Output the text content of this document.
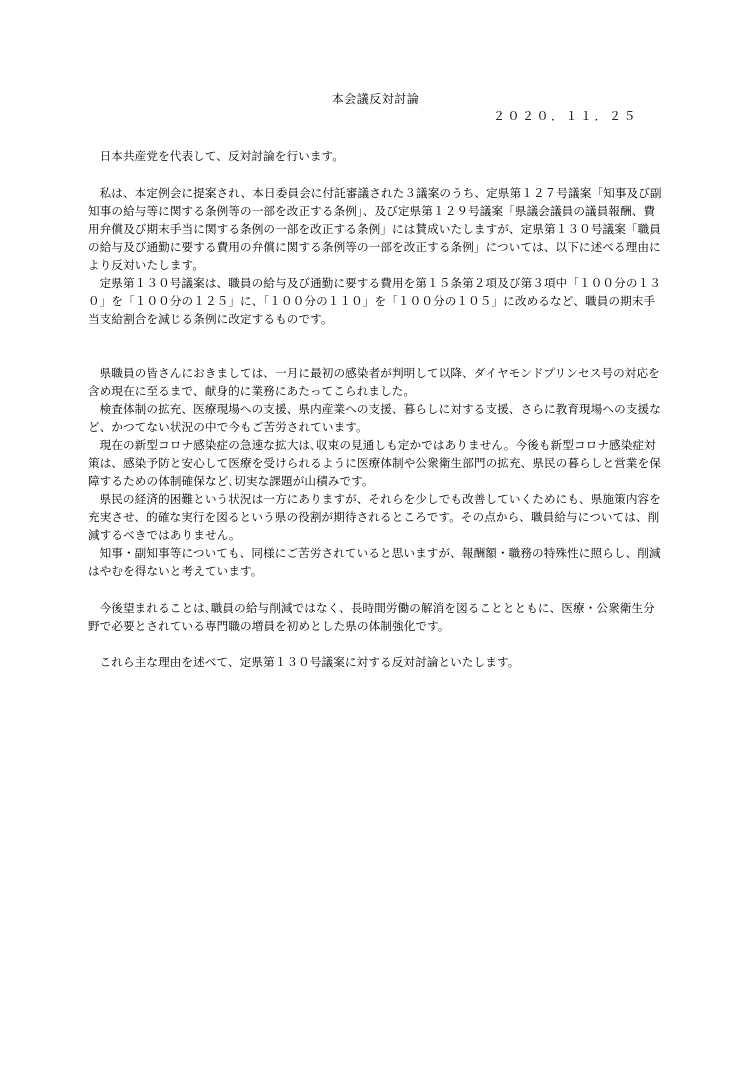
本会議反対討論
２０２０．１１．２５

日本共産党を代表して、反対討論を行います。

私は、本定例会に提案され、本日委員会に付託審議された３議案のうち、定県第１２７号議案「知事及び副知事の給与等に関する条例等の一部を改正する条例」、及び定県第１２９号議案「県議会議員の議員報酬、費用弁償及び期末手当に関する条例の一部を改正する条例」には賛成いたしますが、定県第１３０号議案「職員の給与及び通勤に要する費用の弁償に関する条例等の一部を改正する条例」については、以下に述べる理由により反対いたします。

定県第１３０号議案は、職員の給与及び通勤に要する費用を第１５条第２項及び第３項中「１００分の１３０」を「１００分の１２５」に、「１００分の１１０」を「１００分の１０５」に改めるなど、職員の期末手当支給割合を減じる条例に改定するものです。

県職員の皆さんにおきましては、一月に最初の感染者が判明して以降、ダイヤモンドプリンセス号の対応を含め現在に至るまで、献身的に業務にあたってこられました。

検査体制の拡充、医療現場への支援、県内産業への支援、暮らしに対する支援、さらに教育現場への支援など、かつてない状況の中で今もご苦労されています。

現在の新型コロナ感染症の急速な拡大は､収束の見通しも定かではありません。今後も新型コロナ感染症対策は、感染予防と安心して医療を受けられるように医療体制や公衆衛生部門の拡充、県民の暮らしと営業を保障するための体制確保など､切実な課題が山積みです。

県民の経済的困難という状況は一方にありますが、それらを少しでも改善していくためにも、県施策内容を充実させ、的確な実行を図るという県の役割が期待されるところです。その点から、職員給与については、削減するべきではありません。

知事・副知事等についても、同様にご苦労されていると思いますが、報酬額・職務の特殊性に照らし、削減はやむを得ないと考えています。

今後望まれることは､職員の給与削減ではなく、長時間労働の解消を図ることとともに、医療・公衆衛生分野で必要とされている専門職の増員を初めとした県の体制強化です。

これら主な理由を述べて、定県第１３０号議案に対する反対討論といたします。
